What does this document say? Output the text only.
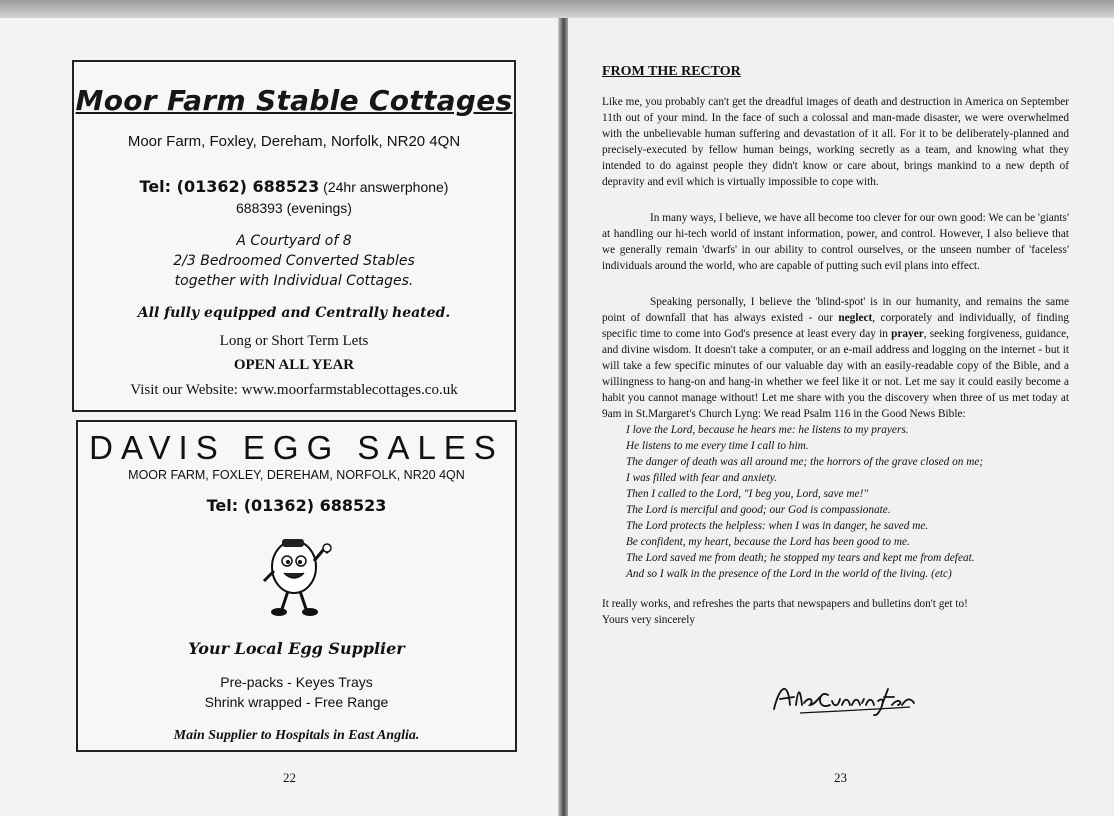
Moor Farm Stable Cottages
Moor Farm, Foxley, Dereham, Norfolk, NR20 4QN
Tel: (01362) 688523 (24hr answerphone)
688393 (evenings)
A Courtyard of 8
2/3 Bedroomed Converted Stables
together with Individual Cottages.
All fully equipped and Centrally heated.
Long or Short Term Lets
OPEN ALL YEAR
Visit our Website: www.moorfarmstablecottages.co.uk
DAVIS EGG SALES
MOOR FARM, FOXLEY, DEREHAM, NORFOLK, NR20 4QN
Tel: (01362) 688523
Your Local Egg Supplier
Pre-packs - Keyes Trays
Shrink wrapped - Free Range
Main Supplier to Hospitals in East Anglia.
22
FROM THE RECTOR

Like me, you probably can't get the dreadful images of death and destruction in America on September 11th out of your mind. In the face of such a colossal and man-made disaster, we were overwhelmed with the unbelievable human suffering and devastation of it all. For it to be deliberately-planned and precisely-executed by fellow human beings, working secretly as a team, and knowing what they intended to do against people they didn't know or care about, brings mankind to a new depth of depravity and evil which is virtually impossible to cope with.

In many ways, I believe, we have all become too clever for our own good: We can be 'giants' at handling our hi-tech world of instant information, power, and control. However, I also believe that we generally remain 'dwarfs' in our ability to control ourselves, or the unseen number of 'faceless' individuals around the world, who are capable of putting such evil plans into effect.

Speaking personally, I believe the 'blind-spot' is in our humanity, and remains the same point of downfall that has always existed - our neglect, corporately and individually, of finding specific time to come into God's presence at least every day in prayer, seeking forgiveness, guidance, and divine wisdom. It doesn't take a computer, or an e-mail address and logging on the internet - but it will take a few specific minutes of our valuable day with an easily-readable copy of the Bible, and a willingness to hang-on and hang-in whether we feel like it or not. Let me say it could easily become a habit you cannot manage without! Let me share with you the discovery when three of us met today at 9am in St.Margaret's Church Lyng: We read Psalm 116 in the Good News Bible:

I love the Lord, because he hears me: he listens to my prayers.
He listens to me every time I call to him.
The danger of death was all around me; the horrors of the grave closed on me;
I was filled with fear and anxiety.
Then I called to the Lord, "I beg you, Lord, save me!"
The Lord is merciful and good; our God is compassionate.
The Lord protects the helpless: when I was in danger, he saved me.
Be confident, my heart, because the Lord has been good to me.
The Lord saved me from death; he stopped my tears and kept me from defeat.
And so I walk in the presence of the Lord in the world of the living. (etc)

It really works, and refreshes the parts that newspapers and bulletins don't get to!

Yours very sincerely

23
